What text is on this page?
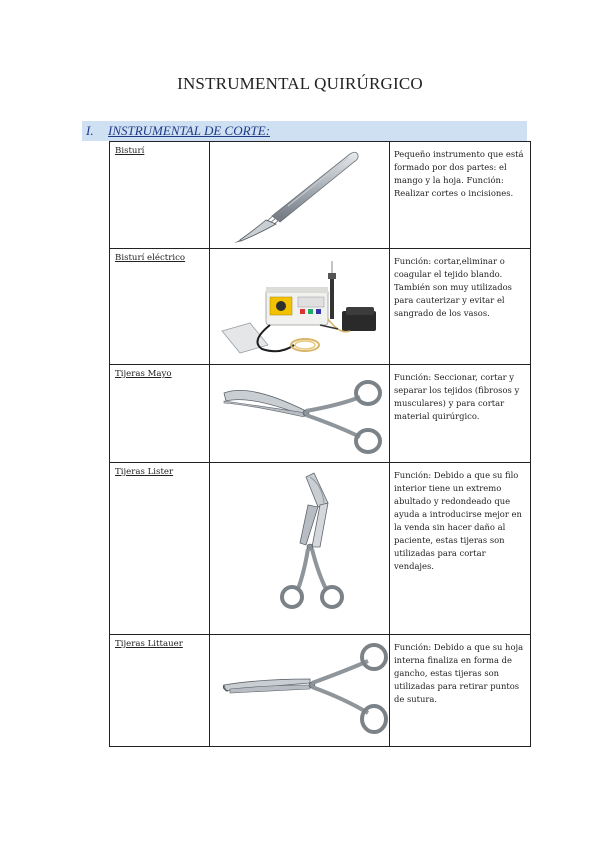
INSTRUMENTAL QUIRÚRGICO
I. INSTRUMENTAL DE CORTE:
Bisturí		Pequeño instrumento que está formado por dos partes: el mango y la hoja. Función: Realizar cortes o incisiones.

Bisturí eléctrico		Función: cortar,eliminar o coagular el tejido blando. También son muy utilizados para cauterizar y evitar el sangrado de los vasos.

Tijeras Mayo		Función: Seccionar, cortar y separar los tejidos (fibrosos y musculares) y para cortar material quirúrgico.

Tijeras Lister		Función: Debido a que su filo interior tiene un extremo abultado y redondeado que ayuda a introducirse mejor en la venda sin hacer daño al paciente, estas tijeras son utilizadas para cortar vendajes.

Tijeras Littauer		Función: Debido a que su hoja interna finaliza en forma de gancho, estas tijeras son utilizadas para retirar puntos de sutura.
